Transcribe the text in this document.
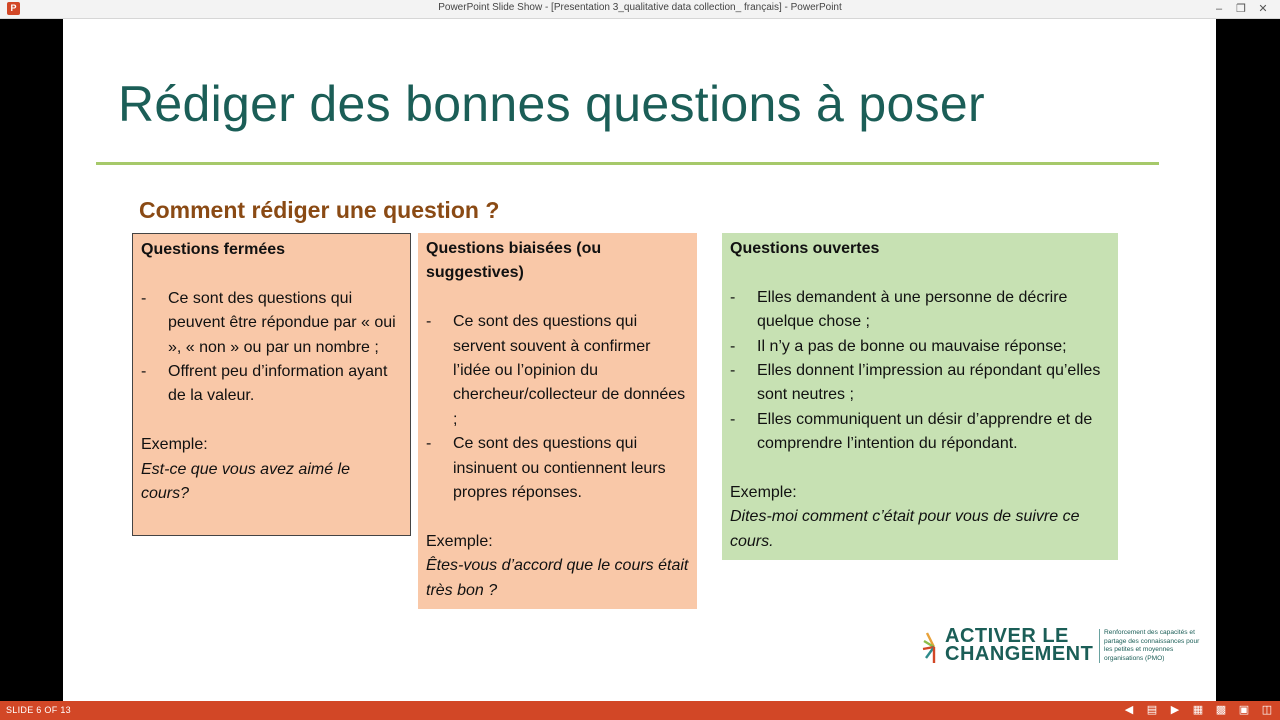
P	PowerPoint Slide Show - [Presentation 3_qualitative data collection_ français] - PowerPoint	–	❐	✕
Rédiger des bonnes questions à poser
Comment rédiger une question ?
Questions fermées
- Ce sont des questions qui peuvent être répondue par « oui », « non » ou par un nombre ;
- Offrent peu d’information ayant de la valeur.
Exemple:
Est-ce que vous avez aimé le cours?
Questions biaisées (ou suggestives)
- Ce sont des questions qui servent souvent à confirmer l’idée ou l’opinion du chercheur/collecteur de données ;
- Ce sont des questions qui insinuent ou contiennent leurs propres réponses.
Exemple:
Êtes-vous d’accord que le cours était très bon ?
Questions ouvertes
- Elles demandent à une personne de décrire quelque chose ;
- Il n’y a pas de bonne ou mauvaise réponse;
- Elles donnent l’impression au répondant qu’elles sont neutres ;
- Elles communiquent un désir d’apprendre et de comprendre l’intention du répondant.
Exemple:
Dites-moi comment c’était pour vous de suivre ce cours.
ACTIVER LE
CHANGEMENT
Renforcement des capacités et partage des connaissances pour les petites et moyennes organisations (PMO)
SLIDE 6 OF 13	◀ ▤ ▶ ▦ ▩ ▣ ◫
